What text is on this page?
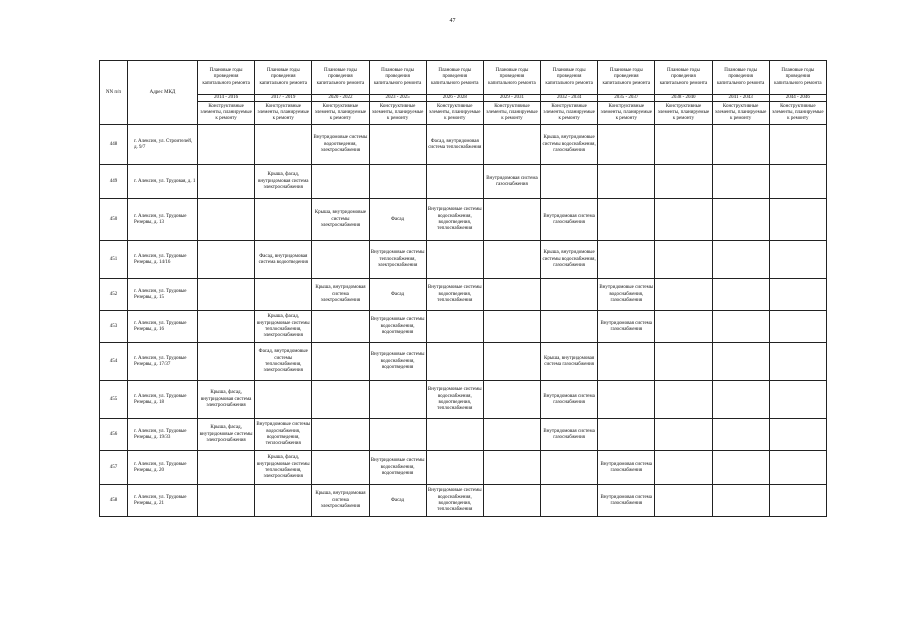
47
NN п/п	Адрес МКД	Плановые годы проведения капитального ремонта	Плановые годы проведения капитального ремонта	Плановые годы проведения капитального ремонта	Плановые годы проведения капитального ремонта	Плановые годы проведения капитального ремонта	Плановые годы проведения капитального ремонта	Плановые годы проведения капитального ремонта	Плановые годы проведения капитального ремонта	Плановые годы проведения капитального ремонта	Плановые годы проведения капитального ремонта	Плановые годы проведения капитального ремонта
		2014 - 2016	2017 - 2019	2020 - 2022	2023 - 2025	2026 - 2028	2029 - 2031	2032 - 2034	2035 - 2037	2038 - 2040	2041 - 2043	2044 - 2046
		Конструктивные элементы, планируемые к ремонту	Конструктивные элементы, планируемые к ремонту	Конструктивные элементы, планируемые к ремонту	Конструктивные элементы, планируемые к ремонту	Конструктивные элементы, планируемые к ремонту	Конструктивные элементы, планируемые к ремонту	Конструктивные элементы, планируемые к ремонту	Конструктивные элементы, планируемые к ремонту	Конструктивные элементы, планируемые к ремонту	Конструктивные элементы, планируемые к ремонту	Конструктивные элементы, планируемые к ремонту
448	г. Алексин, ул. Строителей, д. 9/7			Внутридомовые системы водоотведения, электроснабжения		Фасад, внутридомовая система теплоснабжения		Крыша, внутридомовые системы водоснабжения, газоснабжения				
449	г. Алексин, ул. Трудовая, д. 1		Крыша, фасад, внутридомовая система электроснабжения				Внутридомовая система газоснабжения					
450	г. Алексин, ул. Трудовые Резервы, д. 13			Крыша, внутридомовые системы электроснабжения	Фасад	Внутридомовые системы водоснабжения, водоотведения, теплоснабжения		Внутридомовая система газоснабжения				
451	г. Алексин, ул. Трудовые Резервы, д. 14/16		Фасад, внутридомовая система водоотведения		Внутридомовые системы теплоснабжения, электроснабжения			Крыша, внутридомовые системы водоснабжения, газоснабжения				
452	г. Алексин, ул. Трудовые Резервы, д. 15			Крыша, внутридомовая система электроснабжения	Фасад	Внутридомовые системы водоотведения, теплоснабжения			Внутридомовые системы водоснабжения, газоснабжения			
453	г. Алексин, ул. Трудовые Резервы, д. 16		Крыша, фасад, внутридомовые системы теплоснабжения, электроснабжения		Внутридомовые системы водоснабжения, водоотведения				Внутридомовая система газоснабжения			
454	г. Алексин, ул. Трудовые Резервы, д. 17/37		Фасад, внутридомовые системы теплоснабжения, электроснабжения		Внутридомовые системы водоснабжения, водоотведения			Крыша, внутридомовая система газоснабжения				
455	г. Алексин, ул. Трудовые Резервы, д. 18	Крыша, фасад, внутридомовая система электроснабжения				Внутридомовые системы водоснабжения, водоотведения, теплоснабжения		Внутридомовая система газоснабжения				
456	г. Алексин, ул. Трудовые Резервы, д. 19/33	Крыша, фасад, внутридомовые системы электроснабжения	Внутридомовые системы водоснабжения, водоотведения, теплоснабжения					Внутридомовая система газоснабжения				
457	г. Алексин, ул. Трудовые Резервы, д. 20		Крыша, фасад, внутридомовые системы теплоснабжения, электроснабжения		Внутридомовые системы водоснабжения, водоотведения				Внутридомовая система газоснабжения			
458	г. Алексин, ул. Трудовые Резервы, д. 21			Крыша, внутридомовая система электроснабжения	Фасад	Внутридомовые системы водоснабжения, водоотведения, теплоснабжения			Внутридомовая система газоснабжения			
